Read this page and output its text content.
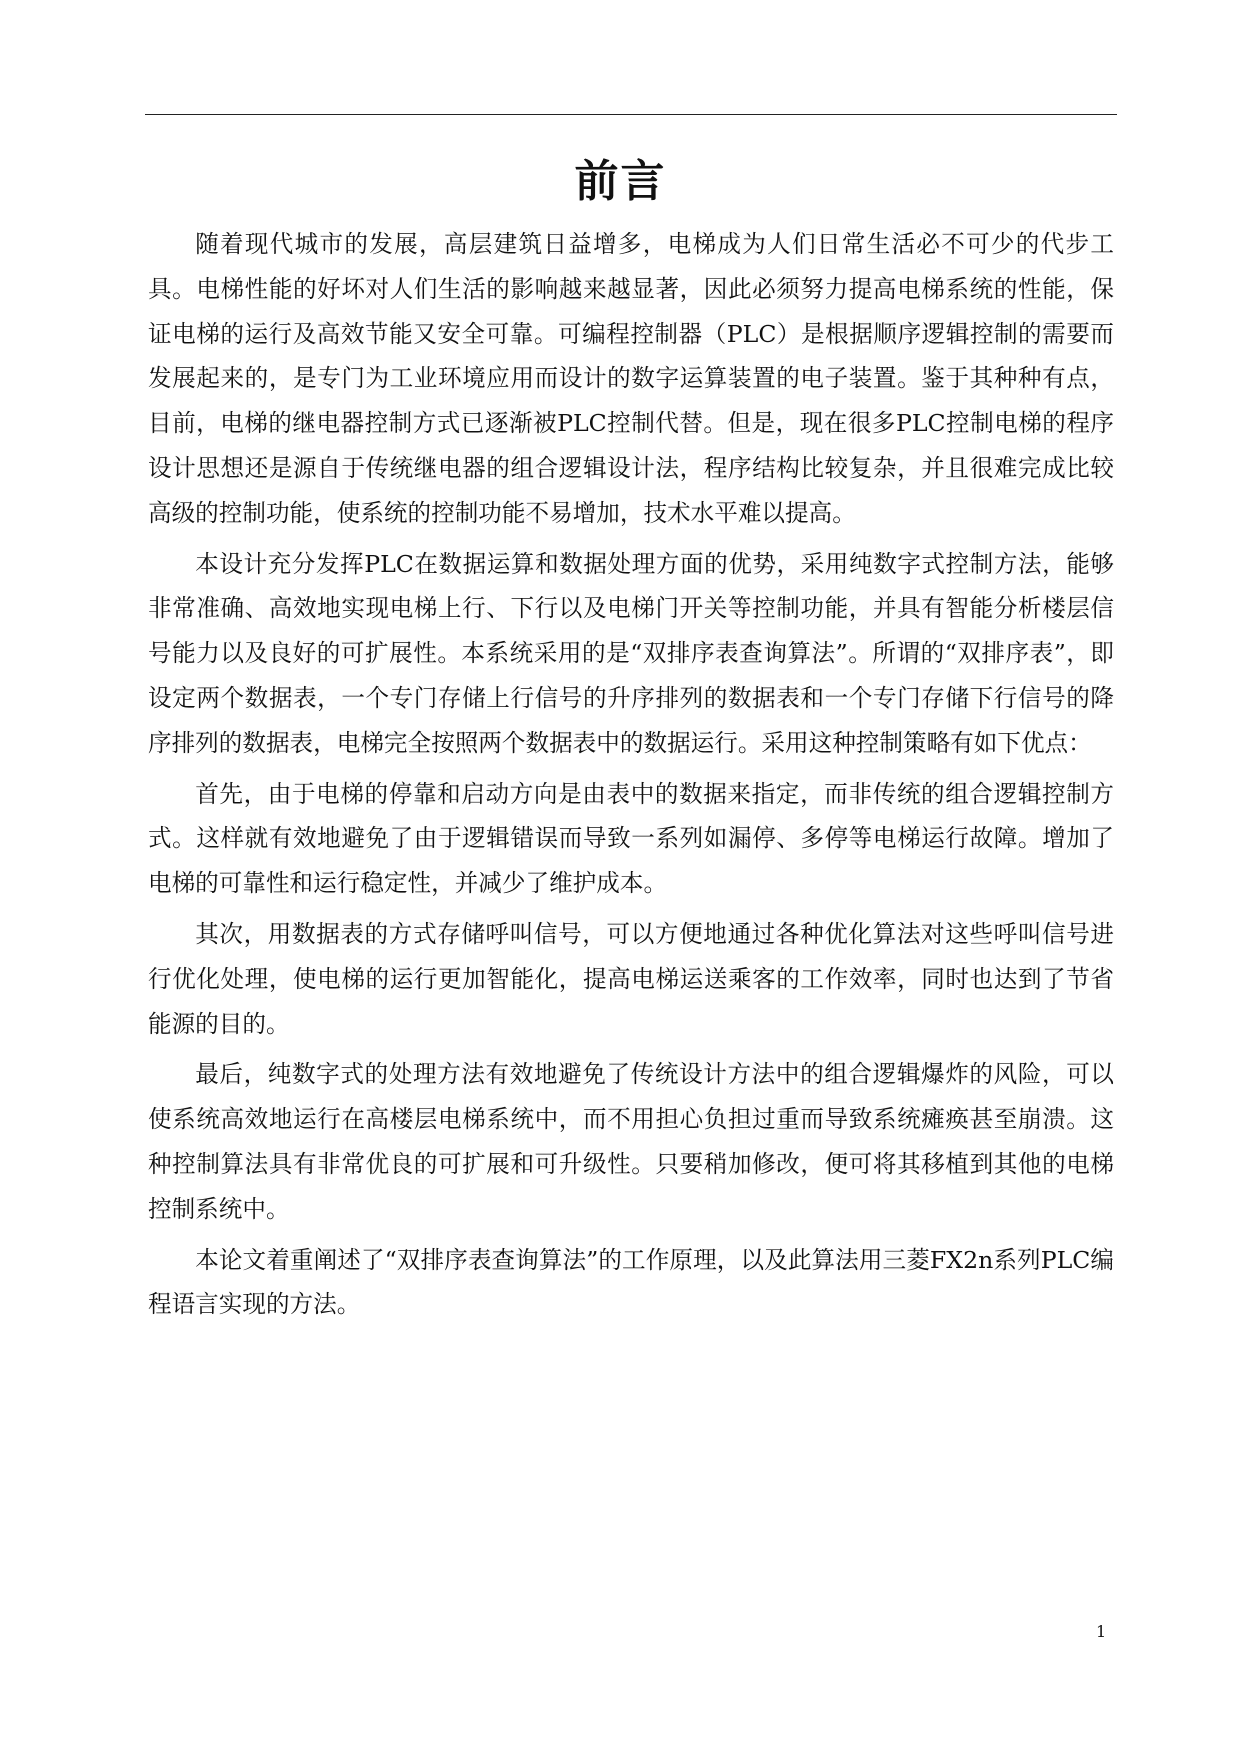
前言

随着现代城市的发展，高层建筑日益增多，电梯成为人们日常生活必不可少的代步工具。电梯性能的好坏对人们生活的影响越来越显著，因此必须努力提高电梯系统的性能，保证电梯的运行及高效节能又安全可靠。可编程控制器（PLC）是根据顺序逻辑控制的需要而发展起来的，是专门为工业环境应用而设计的数字运算装置的电子装置。鉴于其种种有点，目前，电梯的继电器控制方式已逐渐被PLC控制代替。但是，现在很多PLC控制电梯的程序设计思想还是源自于传统继电器的组合逻辑设计法，程序结构比较复杂，并且很难完成比较高级的控制功能，使系统的控制功能不易增加，技术水平难以提高。

本设计充分发挥PLC在数据运算和数据处理方面的优势，采用纯数字式控制方法，能够非常准确、高效地实现电梯上行、下行以及电梯门开关等控制功能，并具有智能分析楼层信号能力以及良好的可扩展性。本系统采用的是“双排序表查询算法”。所谓的“双排序表”，即设定两个数据表，一个专门存储上行信号的升序排列的数据表和一个专门存储下行信号的降序排列的数据表，电梯完全按照两个数据表中的数据运行。采用这种控制策略有如下优点：

首先，由于电梯的停靠和启动方向是由表中的数据来指定，而非传统的组合逻辑控制方式。这样就有效地避免了由于逻辑错误而导致一系列如漏停、多停等电梯运行故障。增加了电梯的可靠性和运行稳定性，并减少了维护成本。

其次，用数据表的方式存储呼叫信号，可以方便地通过各种优化算法对这些呼叫信号进行优化处理，使电梯的运行更加智能化，提高电梯运送乘客的工作效率，同时也达到了节省能源的目的。

最后，纯数字式的处理方法有效地避免了传统设计方法中的组合逻辑爆炸的风险，可以使系统高效地运行在高楼层电梯系统中，而不用担心负担过重而导致系统瘫痪甚至崩溃。这种控制算法具有非常优良的可扩展和可升级性。只要稍加修改，便可将其移植到其他的电梯控制系统中。

本论文着重阐述了“双排序表查询算法”的工作原理，以及此算法用三菱FX2n系列PLC编程语言实现的方法。

1
